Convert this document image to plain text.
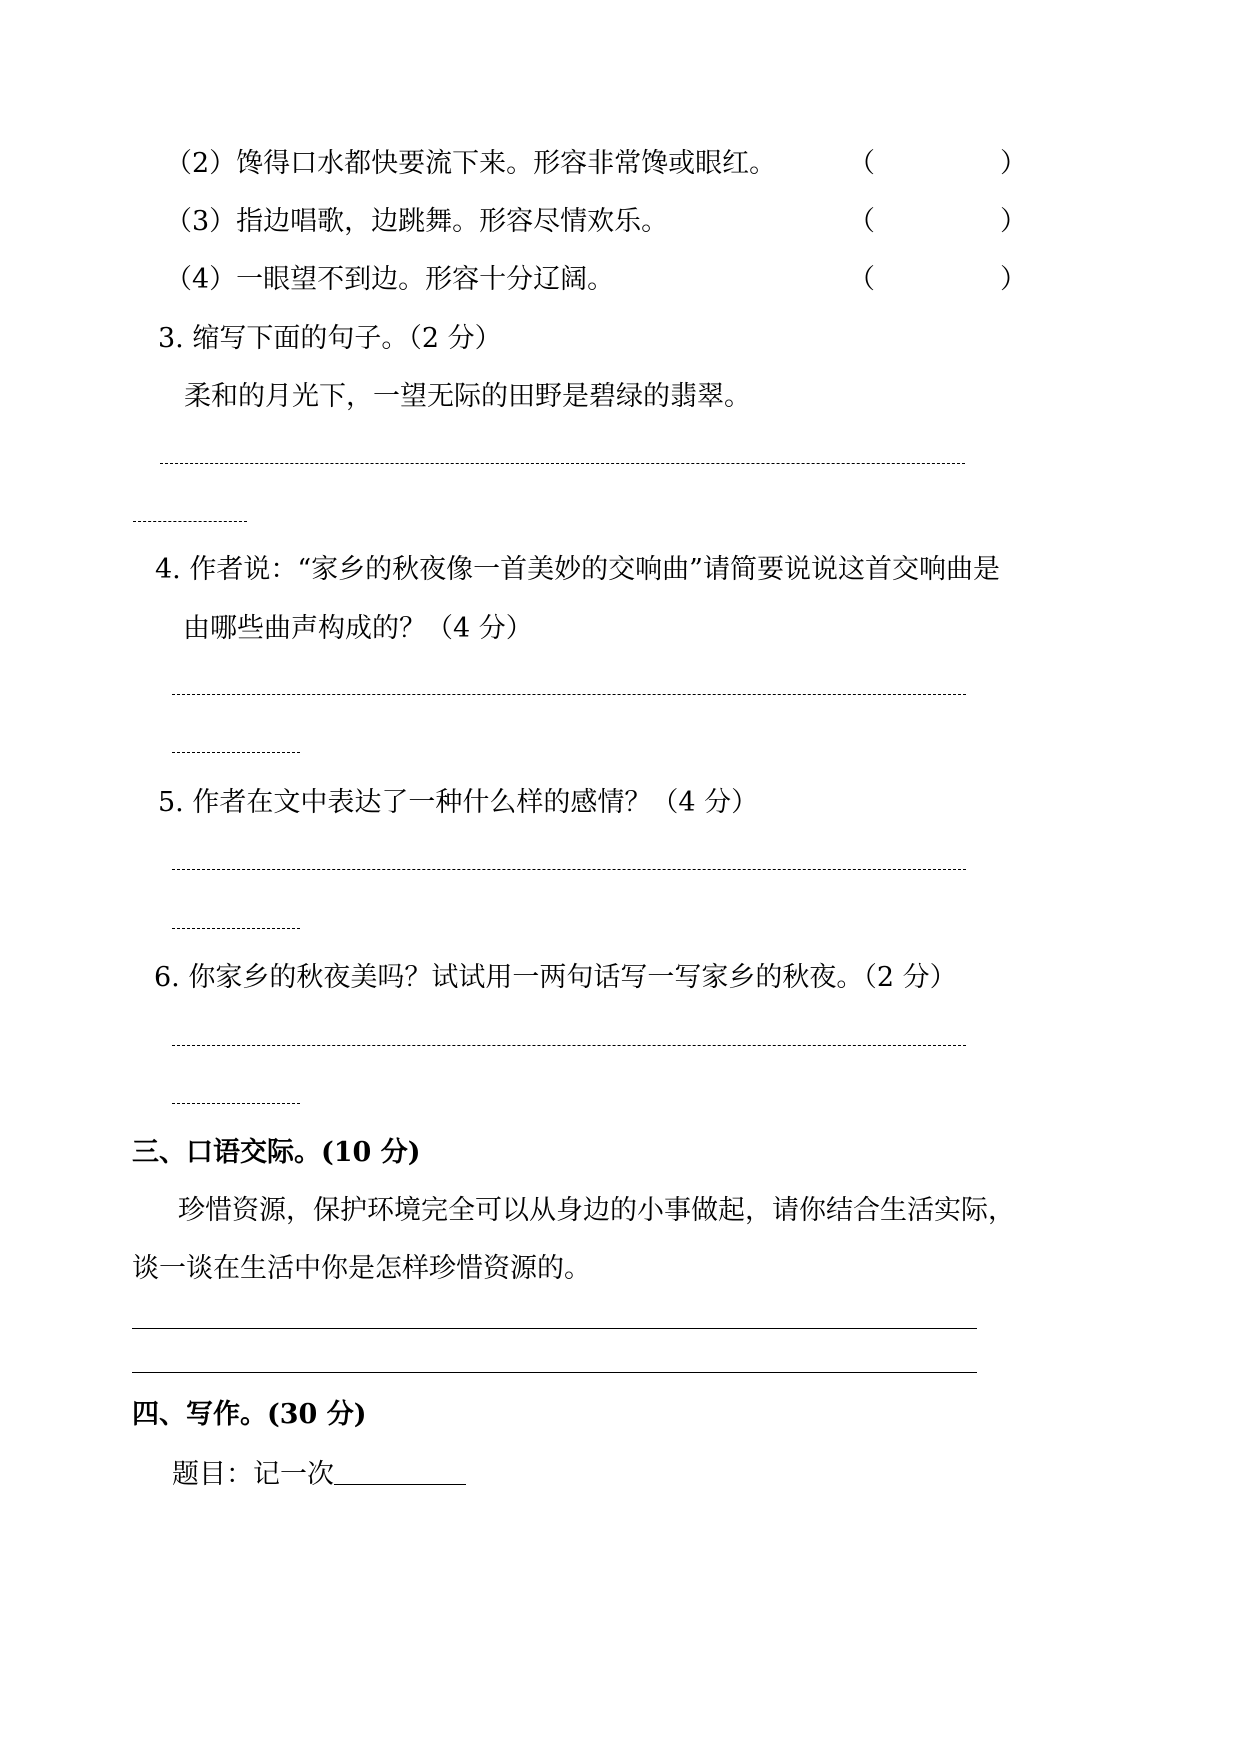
（2）馋得口水都快要流下来。形容非常馋或眼红。	（	）
（3）指边唱歌，边跳舞。形容尽情欢乐。	（	）
（4）一眼望不到边。形容十分辽阔。	（	）
3. 缩写下面的句子。（2 分）
柔和的月光下，一望无际的田野是碧绿的翡翠。
4. 作者说：“家乡的秋夜像一首美妙的交响曲”请简要说说这首交响曲是
由哪些曲声构成的？（4 分）
5. 作者在文中表达了一种什么样的感情？（4 分）
6. 你家乡的秋夜美吗？试试用一两句话写一写家乡的秋夜。（2 分）
三、口语交际。(10 分)
珍惜资源，保护环境完全可以从身边的小事做起，请你结合生活实际，
谈一谈在生活中你是怎样珍惜资源的。
四、写作。(30 分)
题目：记一次
